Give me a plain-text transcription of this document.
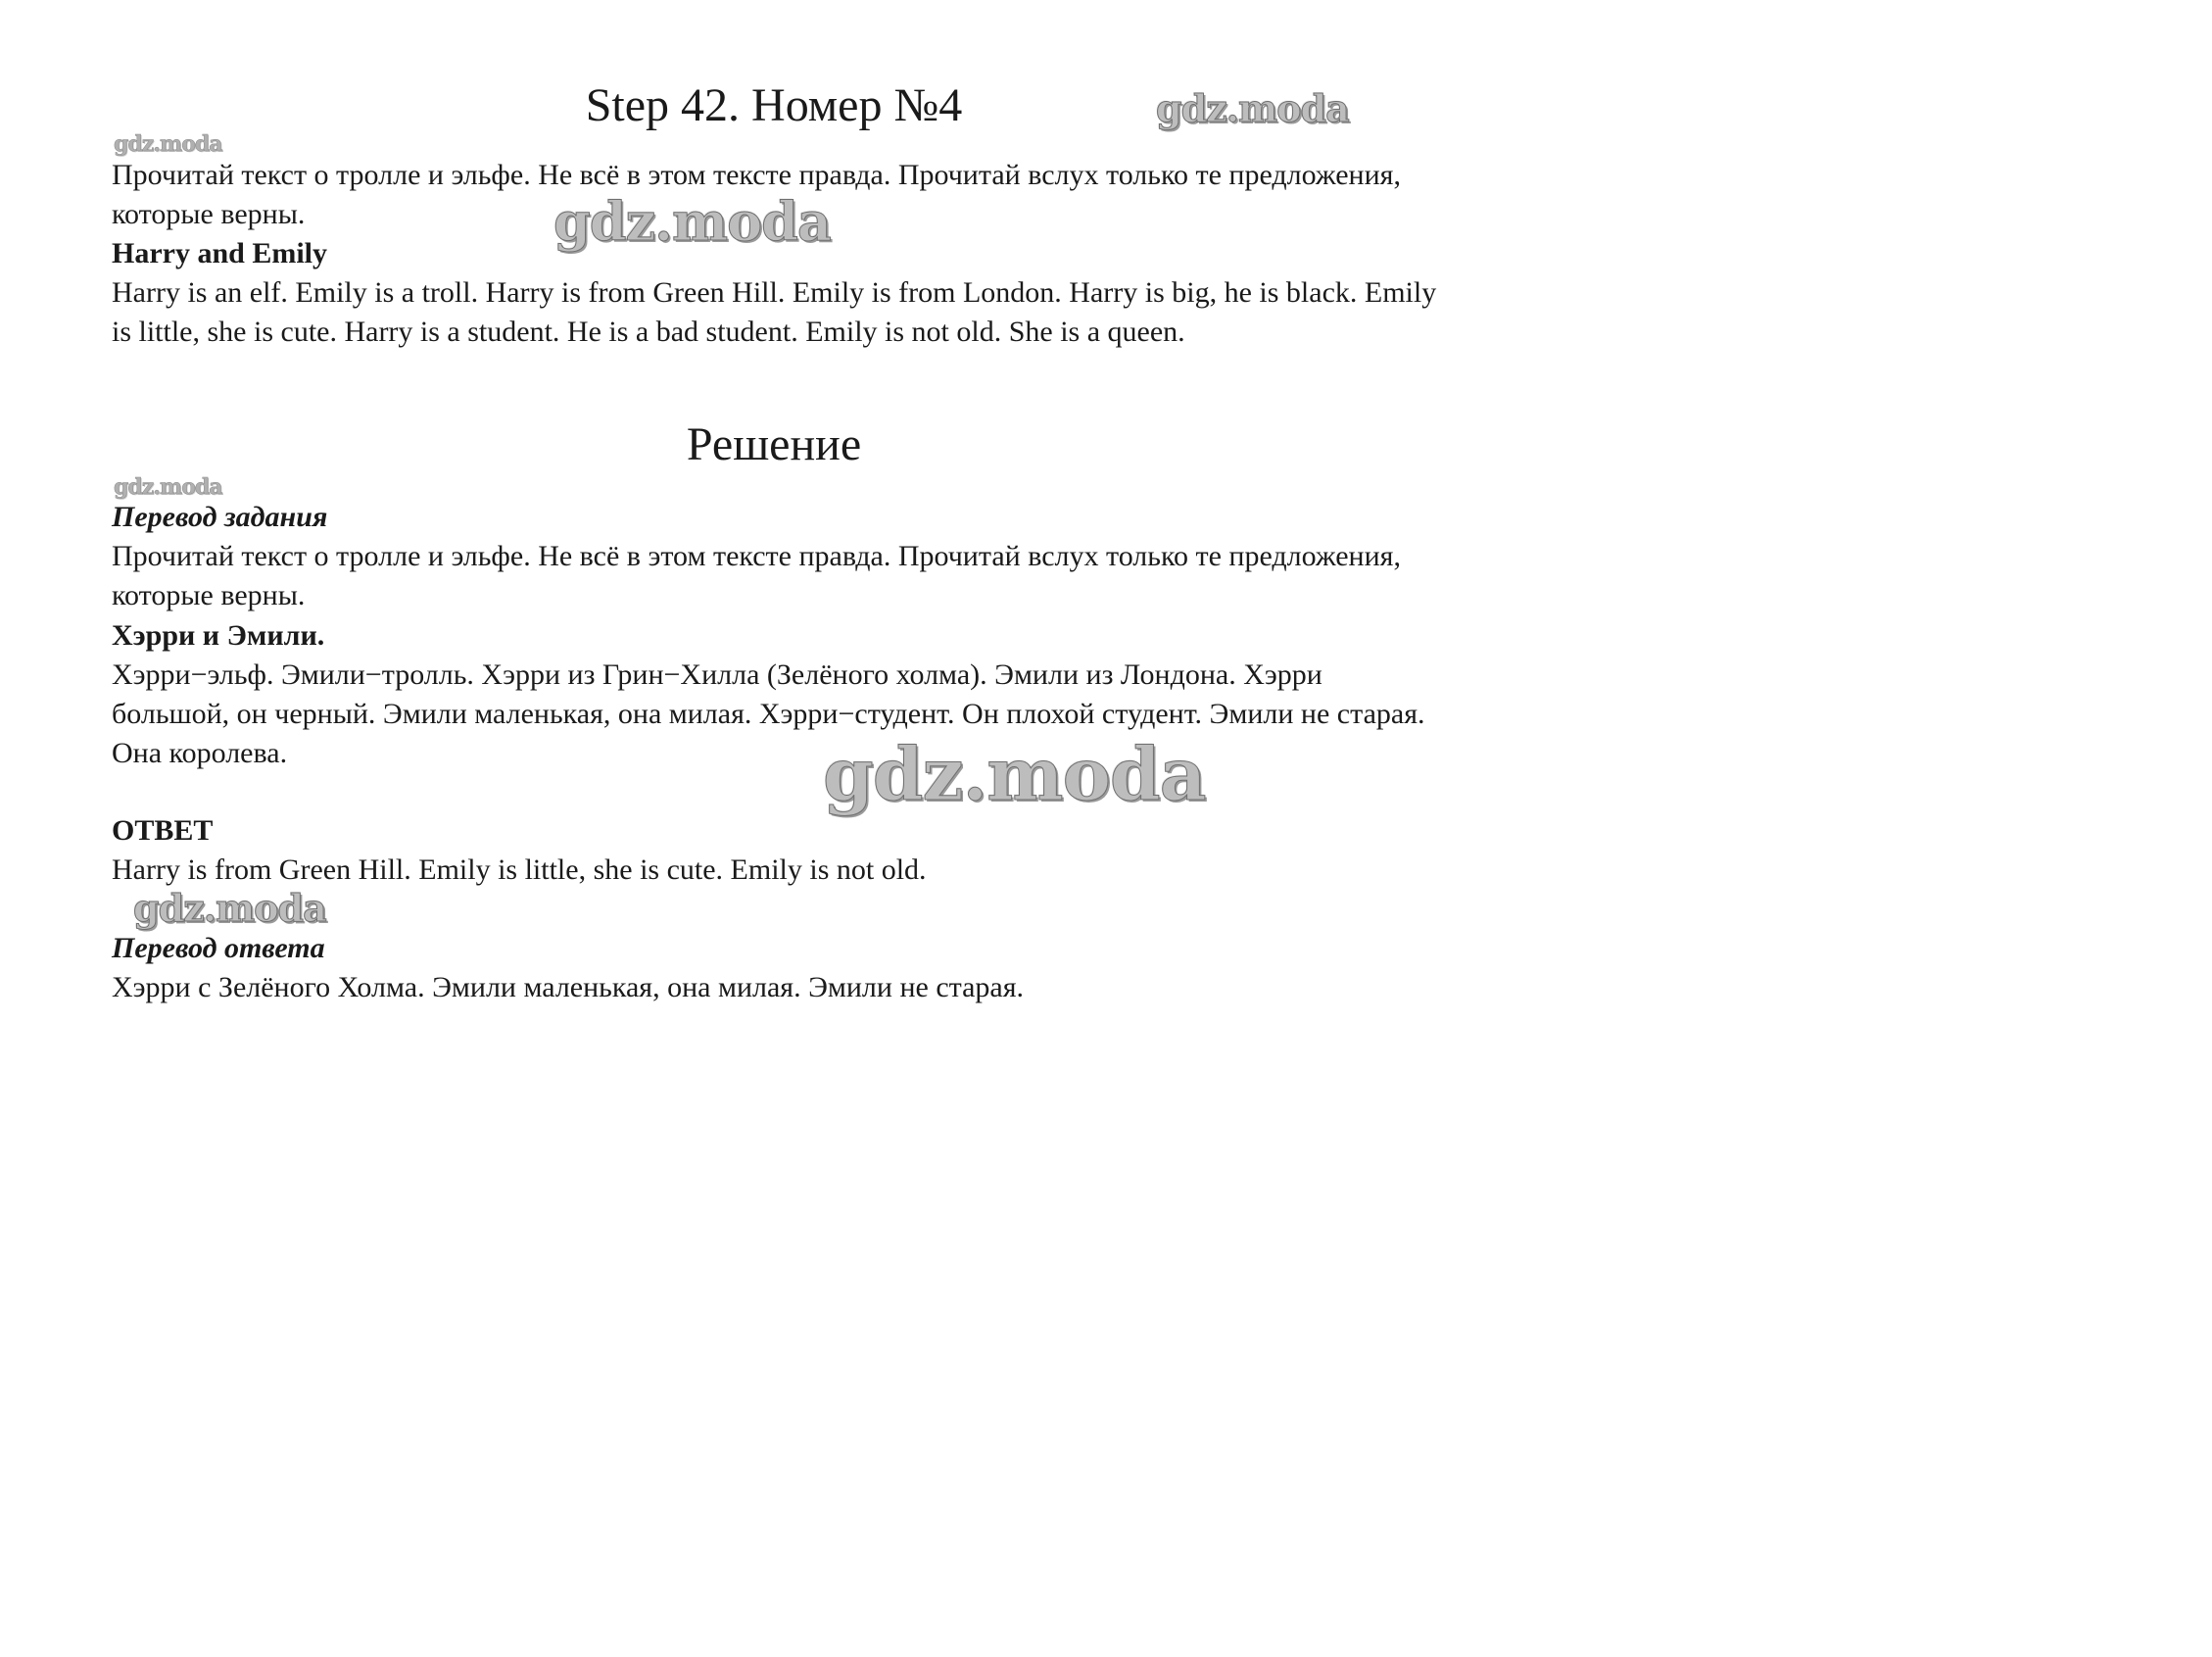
Step 42. Номер №4	gdz.moda
gdz.moda

Прочитай текст о тролле и эльфе. Не всё в этом тексте правда. Прочитай вслух только те предложения, которые верны.	gdz.moda

Harry and Emily

Harry is an elf. Emily is a troll. Harry is from Green Hill. Emily is from London. Harry is big, he is black. Emily is little, she is cute. Harry is a student. He is a bad student. Emily is not old. She is a queen.

Решение
gdz.moda

Перевод задания

Прочитай текст о тролле и эльфе. Не всё в этом тексте правда. Прочитай вслух только те предложения, которые верны.

Хэрри и Эмили.

Хэрри−эльф. Эмили−тролль. Хэрри из Грин−Хилла (Зелёного холма). Эмили из Лондона. Хэрри большой, он черный. Эмили маленькая, она милая. Хэрри−студент. Он плохой студент. Эмили не старая. Она королева.	gdz.moda

ОТВЕТ

Harry is from Green Hill. Emily is little, she is cute. Emily is not old.

gdz.moda

Перевод ответа

Хэрри с Зелёного Холма. Эмили маленькая, она милая. Эмили не старая.
